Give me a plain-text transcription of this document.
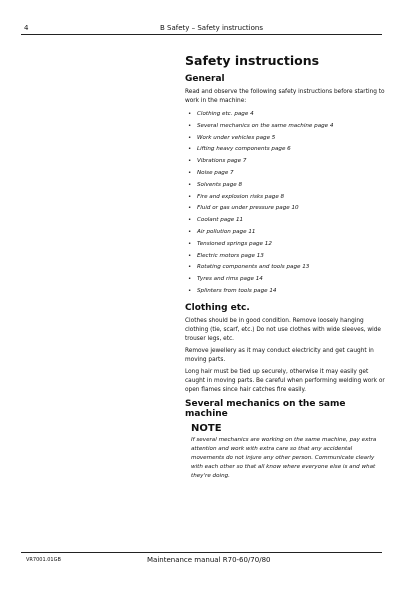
4	B Safety – Safety instructions
Safety instructions
General

Read and observe the following safety instructions before starting to work in the machine:

• Clothing etc. page 4
• Several mechanics on the same machine page 4
• Work under vehicles page 5
• Lifting heavy components page 6
• Vibrations page 7
• Noise page 7
• Solvents page 8
• Fire and explosion risks page 8
• Fluid or gas under pressure page 10
• Coolant page 11
• Air pollution page 11
• Tensioned springs page 12
• Electric motors page 13
• Rotating components and tools page 13
• Tyres and rims page 14
• Splinters from tools page 14
Clothing etc.

Clothes should be in good condition. Remove loosely hanging clothing (tie, scarf, etc.) Do not use clothes with wide sleeves, wide trouser legs, etc.

Remove jewellery as it may conduct electricity and get caught in moving parts.

Long hair must be tied up securely, otherwise it may easily get caught in moving parts. Be careful when performing welding work or open flames since hair catches fire easily.

Several mechanics on the same machine
NOTE

If several mechanics are working on the same machine, pay extra attention and work with extra care so that any accidental movements do not injure any other person. Communicate clearly with each other so that all know where everyone else is and what they're doing.

VR7001.01GB	Maintenance manual R70-60/70/80
